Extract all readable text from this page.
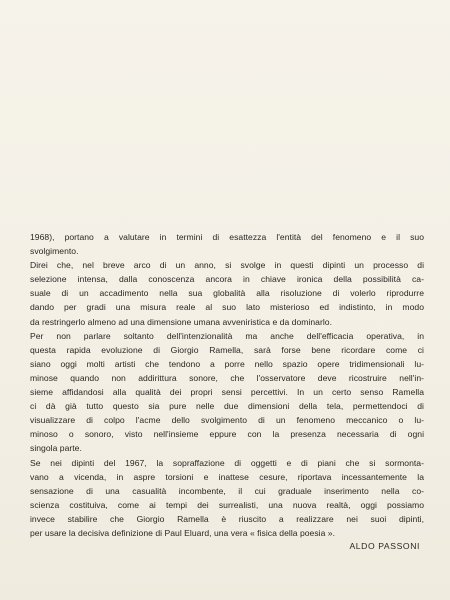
1968), portano a valutare in termini di esattezza l'entità del fenomeno e il suo
svolgimento.
Direi che, nel breve arco di un anno, si svolge in questi dipinti un processo di
selezione intensa, dalla conoscenza ancora in chiave ironica della possibilità ca-
suale di un accadimento nella sua globalità alla risoluzione di volerlo riprodurre
dando per gradi una misura reale al suo lato misterioso ed indistinto, in modo
da restringerlo almeno ad una dimensione umana avveniristica e da dominarlo.
Per non parlare soltanto dell'intenzionalità ma anche dell'efficacia operativa, in
questa rapida evoluzione di Giorgio Ramella, sarà forse bene ricordare come ci
siano oggi molti artisti che tendono a porre nello spazio opere tridimensionali lu-
minose quando non addirittura sonore, che l'osservatore deve ricostruire nell'in-
sieme affidandosi alla qualità dei propri sensi percettivi. In un certo senso Ramella
ci dà già tutto questo sia pure nelle due dimensioni della tela, permettendoci di
visualizzare di colpo l'acme dello svolgimento di un fenomeno meccanico o lu-
minoso o sonoro, visto nell'insieme eppure con la presenza necessaria di ogni
singola parte.
Se nei dipinti del 1967, la sopraffazione di oggetti e di piani che si sormonta-
vano a vicenda, in aspre torsioni e inattese cesure, riportava incessantemente la
sensazione di una casualità incombente, il cui graduale inserimento nella co-
scienza costituiva, come ai tempi dei surrealisti, una nuova realtà, oggi possiamo
invece stabilire che Giorgio Ramella è riuscito a realizzare nei suoi dipinti,
per usare la decisiva definizione di Paul Eluard, una vera « fisica della poesia ».
ALDO PASSONI
